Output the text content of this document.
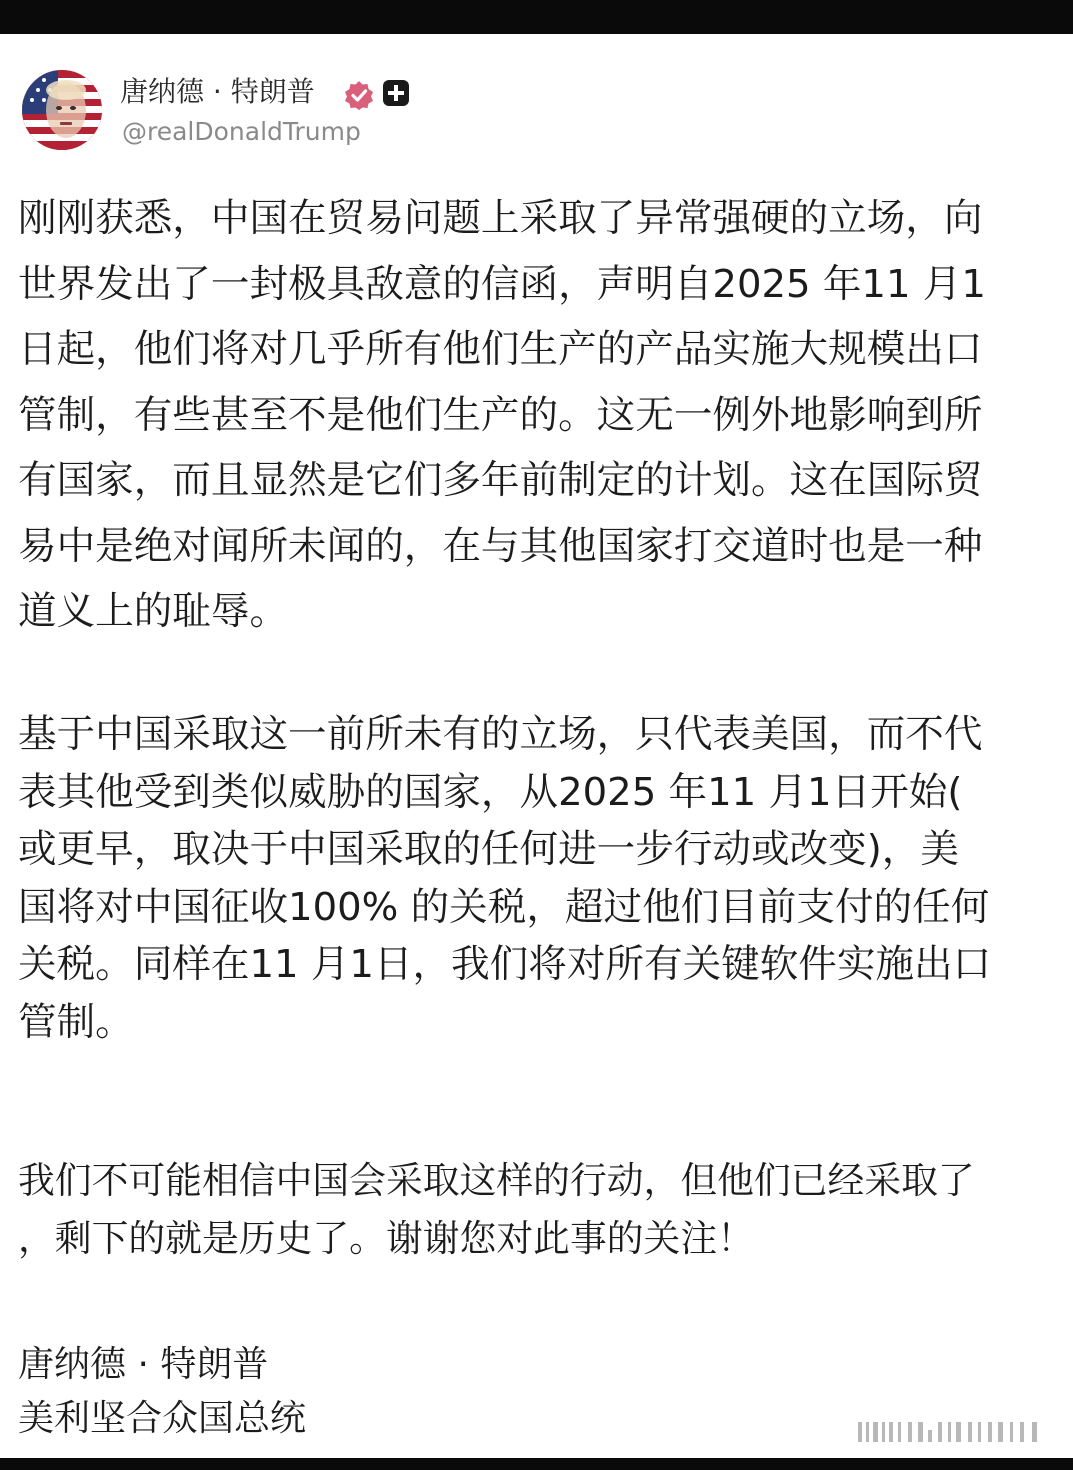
唐纳德 · 特朗普
@realDonaldTrump
刚刚获悉，中国在贸易问题上采取了异常强硬的立场，向
世界发出了一封极具敌意的信函，声明自2025 年11 月1
日起，他们将对几乎所有他们生产的产品实施大规模出口
管制，有些甚至不是他们生产的。这无一例外地影响到所
有国家，而且显然是它们多年前制定的计划。这在国际贸
易中是绝对闻所未闻的，在与其他国家打交道时也是一种
道义上的耻辱。
基于中国采取这一前所未有的立场，只代表美国，而不代
表其他受到类似威胁的国家，从2025 年11 月1日开始(
或更早，取决于中国采取的任何进一步行动或改变)，美
国将对中国征收100% 的关税，超过他们目前支付的任何
关税。同样在11 月1日，我们将对所有关键软件实施出口
管制。
我们不可能相信中国会采取这样的行动，但他们已经采取了
，剩下的就是历史了。谢谢您对此事的关注！
唐纳德 · 特朗普
美利坚合众国总统
